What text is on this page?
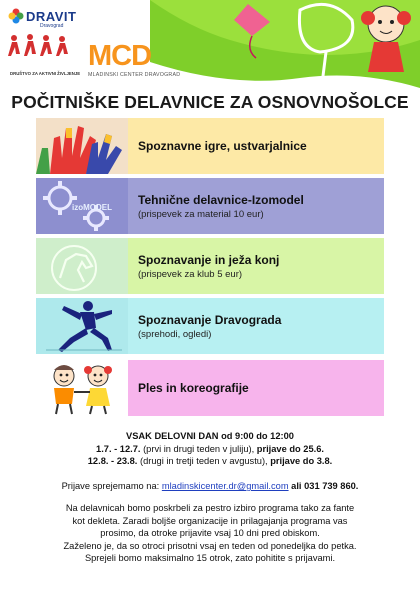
DRAVIT
Dravograd
DRUŠTVO ZA AKTIVNI ŽIVLJENJE
MCD
MLADINSKI CENTER DRAVOGRAD
POČITNIŠKE DELAVNICE ZA OSNOVNOŠOLCE
Spoznavne igre, ustvarjalnice
izoMODEL
Tehnične delavnice-Izomodel
(prispevek za material 10 eur)
Spoznavanje in ježa konj
(prispevek za klub 5 eur)
Spoznavanje Dravograda
(sprehodi, ogledi)
Ples in koreografije
VSAK DELOVNI DAN od 9:00 do 12:00
1.7. - 12.7. (prvi in drugi teden v juliju), prijave do 25.6.
12.8. - 23.8. (drugi in tretji teden v avgustu), prijave do 3.8.
Prijave sprejemamo na: mladinskicenter.dr@gmail.com ali 031 739 860.
Na delavnicah bomo poskrbeli za pestro izbiro programa tako za fante
kot dekleta. Zaradi boljše organizacije in prilagajanja programa vas
prosimo, da otroke prijavite vsaj 10 dni pred obiskom.
Zaželeno je, da so otroci prisotni vsaj en teden od ponedeljka do petka.
Sprejeli bomo maksimalno 15 otrok, zato pohitite s prijavami.
